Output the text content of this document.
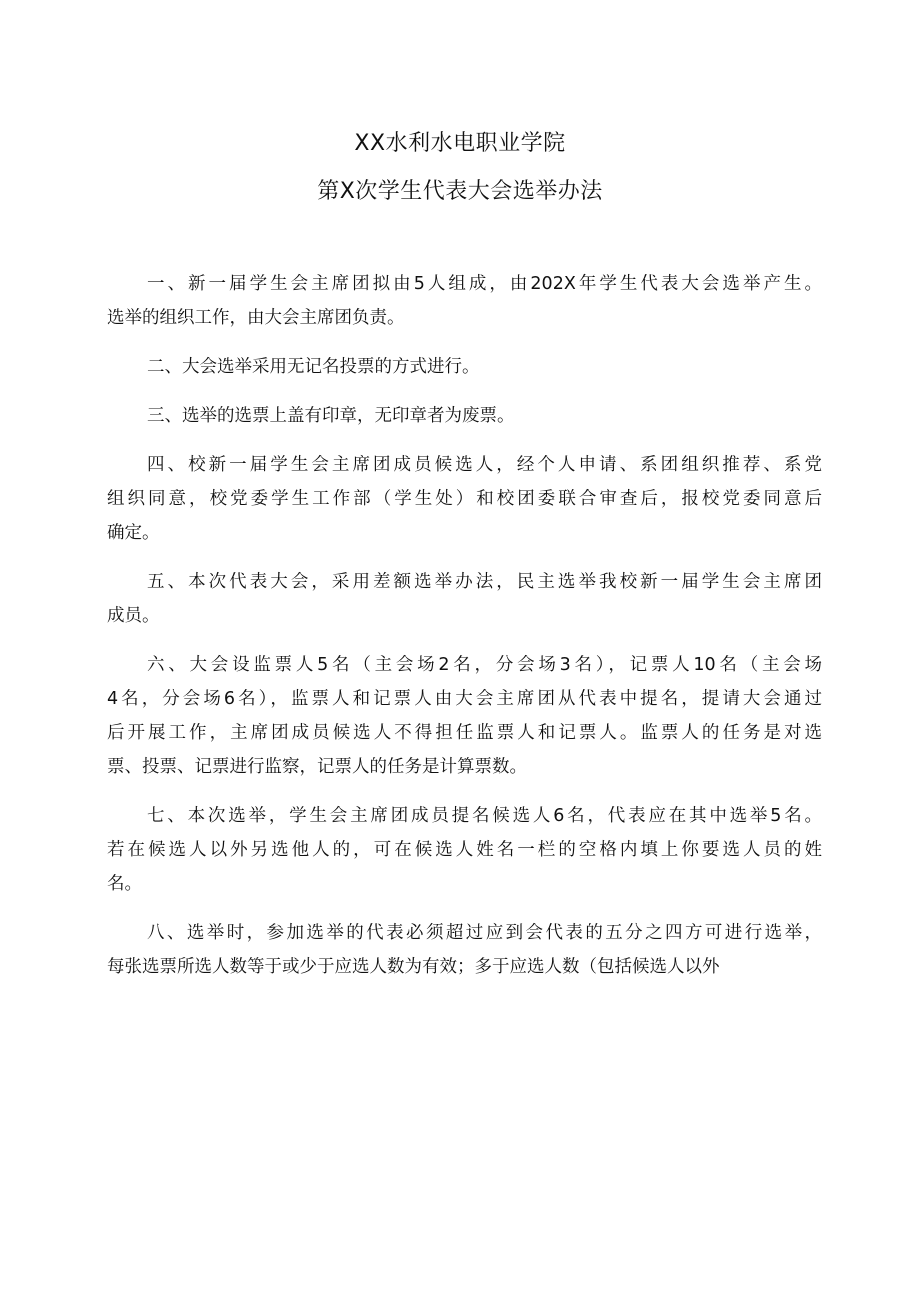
XX水利水电职业学院
第X次学生代表大会选举办法

一、新一届学生会主席团拟由5人组成，由202X年学生代表大会选举产生。
选举的组织工作，由大会主席团负责。

二、大会选举采用无记名投票的方式进行。

三、选举的选票上盖有印章，无印章者为废票。

四、校新一届学生会主席团成员候选人，经个人申请、系团组织推荐、系党
组织同意，校党委学生工作部（学生处）和校团委联合审查后，报校党委同意后
确定。

五、本次代表大会，采用差额选举办法，民主选举我校新一届学生会主席团
成员。

六、大会设监票人5名（主会场2名，分会场3名），记票人10名（主会场
4名，分会场6名），监票人和记票人由大会主席团从代表中提名，提请大会通过
后开展工作，主席团成员候选人不得担任监票人和记票人。监票人的任务是对选
票、投票、记票进行监察，记票人的任务是计算票数。

七、本次选举，学生会主席团成员提名候选人6名，代表应在其中选举5名。
若在候选人以外另选他人的，可在候选人姓名一栏的空格内填上你要选人员的姓
名。

八、选举时，参加选举的代表必须超过应到会代表的五分之四方可进行选举，
每张选票所选人数等于或少于应选人数为有效；多于应选人数（包括候选人以外
